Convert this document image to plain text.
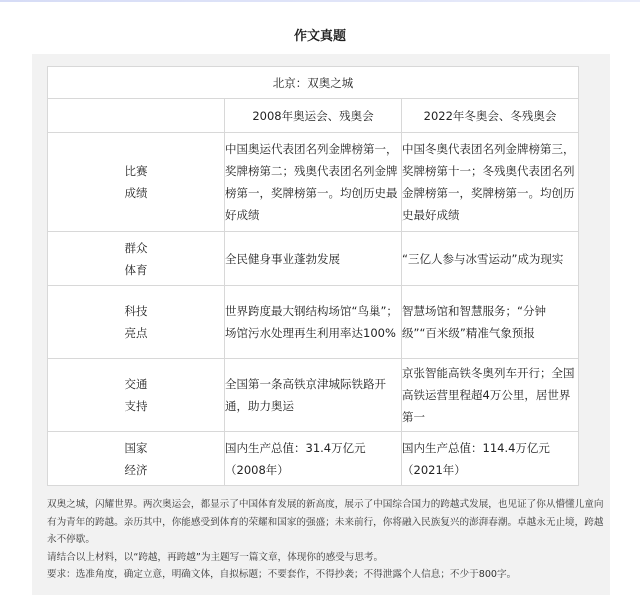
作文真题
北京：双奥之城		
	2008年奥运会、残奥会	2022年冬奥会、冬残奥会

比赛
成绩	中国奥运代表团名列金牌榜第一，奖牌榜第二；残奥代表团名列金牌榜第一，奖牌榜第一。均创历史最好成绩	中国冬奥代表团名列金牌榜第三，奖牌榜第十一；冬残奥代表团名列金牌榜第一，奖牌榜第一。均创历史最好成绩

群众
体育	全民健身事业蓬勃发展	“三亿人参与冰雪运动”成为现实

科技
亮点	世界跨度最大钢结构场馆“鸟巢”；场馆污水处理再生利用率达100%	智慧场馆和智慧服务；“分钟级”“百米级”精准气象预报

交通
支持	全国第一条高铁京津城际铁路开通，助力奥运	京张智能高铁冬奥列车开行；全国高铁运营里程超4万公里，居世界第一

国家
经济	国内生产总值：31.4万亿元（2008年）	国内生产总值：114.4万亿元（2021年）

双奥之城，闪耀世界。两次奥运会，都显示了中国体育发展的新高度，展示了中国综合国力的跨越式发展，也见证了你从懵懂儿童向有为青年的跨越。亲历其中，你能感受到体育的荣耀和国家的强盛；未来前行，你将融入民族复兴的澎湃春潮。卓越永无止境，跨越永不停歇。

请结合以上材料，以“跨越，再跨越”为主题写一篇文章，体现你的感受与思考。

要求：选准角度，确定立意，明确文体，自拟标题；不要套作，不得抄袭；不得泄露个人信息；不少于800字。
